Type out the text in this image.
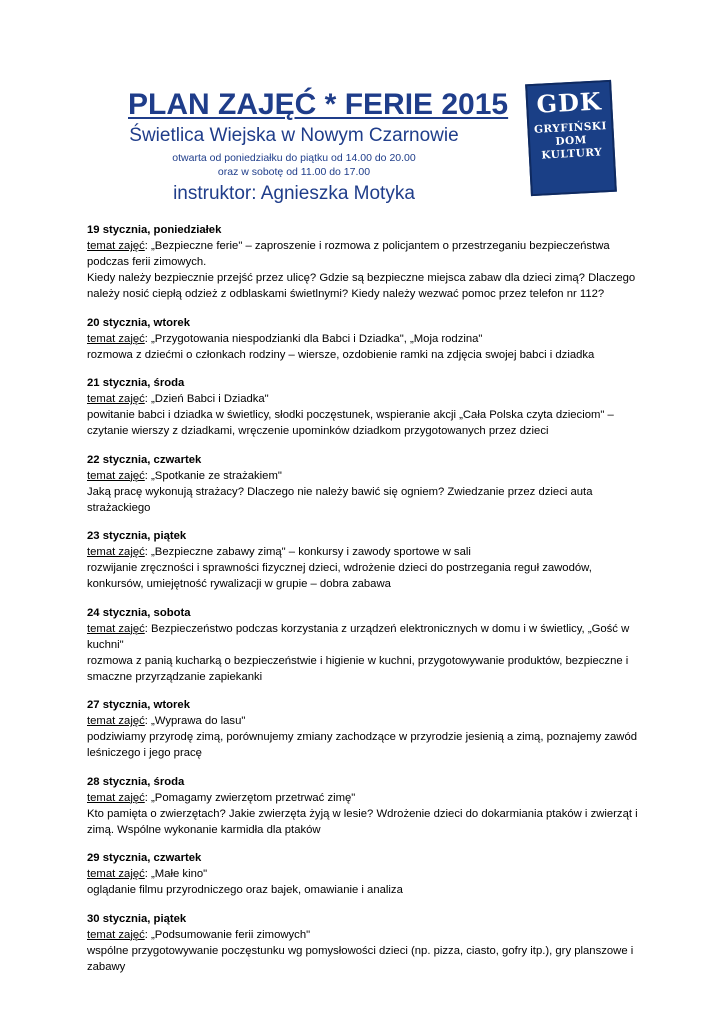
PLAN ZAJĘĆ * FERIE 2015
Świetlica Wiejska w Nowym Czarnowie
otwarta od poniedziałku do piątku od 14.00 do 20.00
oraz w sobotę od 11.00 do 17.00
instruktor: Agnieszka Motyka
GDK
GRYFIŃSKI
DOM
KULTURY
19 stycznia, poniedziałek
temat zajęć: „Bezpieczne ferie" – zaproszenie i rozmowa z policjantem o przestrzeganiu bezpieczeństwa podczas ferii zimowych.
Kiedy należy bezpiecznie przejść przez ulicę? Gdzie są bezpieczne miejsca zabaw dla dzieci zimą? Dlaczego należy nosić ciepłą odzież z odblaskami świetlnymi? Kiedy należy wezwać pomoc przez telefon nr 112?
20 stycznia, wtorek
temat zajęć: „Przygotowania niespodzianki dla Babci i Dziadka", „Moja rodzina"
rozmowa z dziećmi o członkach rodziny – wiersze, ozdobienie ramki na zdjęcia swojej babci i dziadka
21 stycznia, środa
temat zajęć: „Dzień Babci i Dziadka"
powitanie babci i dziadka w świetlicy, słodki poczęstunek, wspieranie akcji „Cała Polska czyta dzieciom" – czytanie wierszy z dziadkami, wręczenie upominków dziadkom przygotowanych przez dzieci
22 stycznia, czwartek
temat zajęć: „Spotkanie ze strażakiem"
Jaką pracę wykonują strażacy? Dlaczego nie należy bawić się ogniem? Zwiedzanie przez dzieci auta strażackiego
23 stycznia, piątek
temat zajęć: „Bezpieczne zabawy zimą" – konkursy i zawody sportowe w sali
rozwijanie zręczności i sprawności fizycznej dzieci, wdrożenie dzieci do postrzegania reguł zawodów, konkursów, umiejętność rywalizacji w grupie – dobra zabawa
24 stycznia, sobota
temat zajęć: Bezpieczeństwo podczas korzystania z urządzeń elektronicznych w domu i w świetlicy, „Gość w kuchni"
rozmowa z panią kucharką o bezpieczeństwie i higienie w kuchni, przygotowywanie produktów, bezpieczne i smaczne przyrządzanie zapiekanki
27 stycznia, wtorek
temat zajęć: „Wyprawa do lasu"
podziwiamy przyrodę zimą, porównujemy zmiany zachodzące w przyrodzie jesienią a zimą, poznajemy zawód leśniczego i jego pracę
28 stycznia, środa
temat zajęć: „Pomagamy zwierzętom przetrwać zimę"
Kto pamięta o zwierzętach? Jakie zwierzęta żyją w lesie? Wdrożenie dzieci do dokarmiania ptaków i zwierząt i zimą. Wspólne wykonanie karmidła dla ptaków
29 stycznia, czwartek
temat zajęć: „Małe kino"
oglądanie filmu przyrodniczego oraz bajek, omawianie i analiza
30 stycznia, piątek
temat zajęć: „Podsumowanie ferii zimowych"
wspólne przygotowywanie poczęstunku wg pomysłowości dzieci (np. pizza, ciasto, gofry itp.), gry planszowe i zabawy
